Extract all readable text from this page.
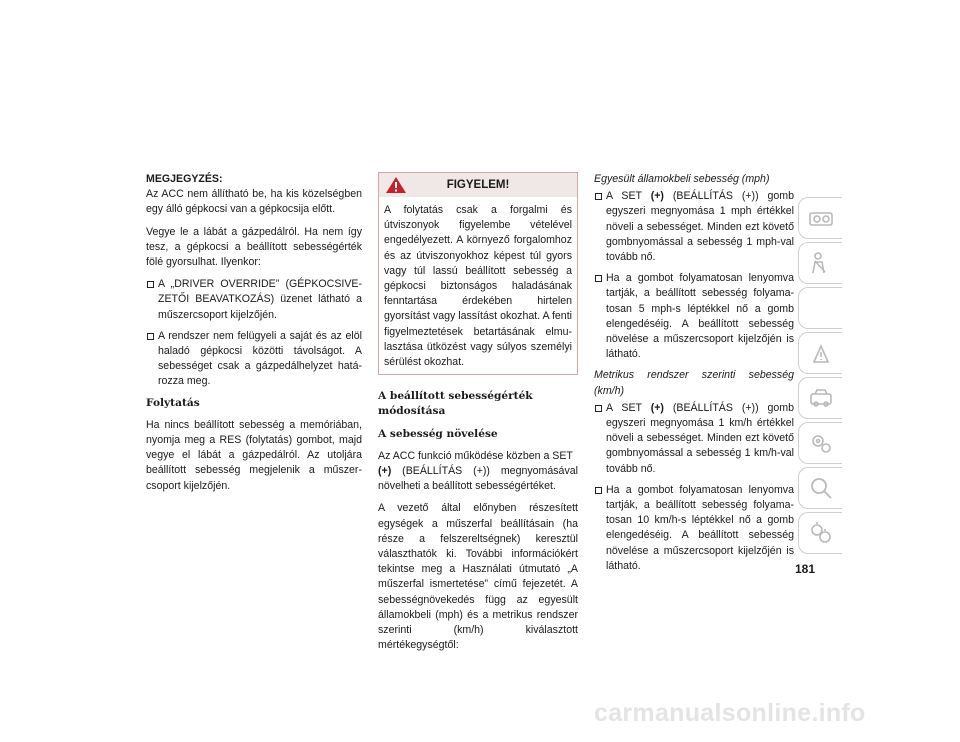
MEGJEGYZÉS:

Az ACC nem állítható be, ha kis közelségben egy álló gépkocsi van a gépkocsija előtt.

Vegye le a lábát a gázpedálról. Ha nem így tesz, a gépkocsi a beállított sebességérték fölé gyorsulhat. Ilyenkor:

A „DRIVER OVERRIDE” (GÉPKOCSIVEZETŐI BEAVATKOZÁS) üzenet látható a műszercsoport kijelzőjén.
A rendszer nem felügyeli a saját és az elöl haladó gépkocsi közötti távolságot. A sebességet csak a gázpedálhelyzet határozza meg.
Folytatás

Ha nincs beállított sebesség a memóriában, nyomja meg a RES (folytatás) gombot, majd vegye el lábát a gázpedálról. Az utoljára beállított sebesség megjelenik a műszercsoport kijelzőjén.

FIGYELEM!

A folytatás csak a forgalmi és útviszonyok figyelembe vételével engedélyezett. A környező forgalomhoz és az útviszonyokhoz képest túl gyors vagy túl lassú beállított sebesség a gépkocsi biztonságos haladásának fenntartása érdekében hirtelen gyorsítást vagy lassítást okozhat. A fenti figyelmeztetések betartásának elmulasztása ütközést vagy súlyos személyi sérülést okozhat.

A beállított sebességérték módosítása
A sebesség növelése

Az ACC funkció működése közben a SET
(+) (BEÁLLÍTÁS (+)) megnyomásával növelheti a beállított sebességértéket.

A vezető által előnyben részesített egységek a műszerfal beállításain (ha része a felszereltségnek) keresztül választhatók ki. További információkért tekintse meg a Használati útmutató „A műszerfal ismertetése” című fejezetét. A sebességnövekedés függ az egyesült államokbeli (mph) és a metrikus rendszer szerinti (km/h) kiválasztott mértékegységtől:

Egyesült államokbeli sebesség (mph)

A SET (+) (BEÁLLÍTÁS (+)) gomb egyszeri megnyomása 1 mph értékkel növeli a sebességet. Minden ezt követő gombnyomással a sebesség 1 mph-val tovább nő.
Ha a gombot folyamatosan lenyomva tartják, a beállított sebesség folyamatosan 5 mph-s léptékkel nő a gomb elengedéséig. A beállított sebesség növelése a műszercsoport kijelzőjén is látható.

Metrikus rendszer szerinti sebesség (km/h)

A SET (+) (BEÁLLÍTÁS (+)) gomb egyszeri megnyomása 1 km/h értékkel növeli a sebességet. Minden ezt követő gombnyomással a sebesség 1 km/h-val tovább nő.
Ha a gombot folyamatosan lenyomva tartják, a beállított sebesség folyamatosan 10 km/h-s léptékkel nő a gomb elengedéséig. A beállított sebesség növelése a műszercsoport kijelzőjén is látható.	181
carmanualsonline.info
